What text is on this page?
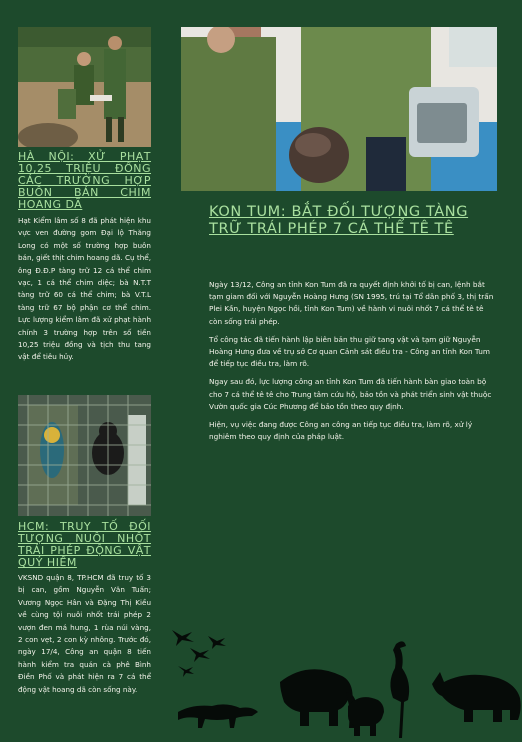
HÀ NỘI: XỬ PHẠT 10,25 TRIỆU ĐỒNG CÁC TRƯỜNG HỢP BUÔN BÁN CHIM HOANG DÃ

Hạt Kiểm lâm số 8 đã phát hiện khu vực ven đường gom Đại lộ Thăng Long có một số trường hợp buôn bán, giết thịt chim hoang dã. Cụ thể, ông Đ.Đ.P tàng trữ 12 cá thể chim vạc, 1 cá thể chim diệc; bà N.T.T tàng trữ 60 cá thể chim; bà V.T.L tàng trữ 67 bộ phận cơ thể chim. Lực lượng kiểm lâm đã xử phạt hành chính 3 trường hợp trên số tiền 10,25 triệu đồng và tịch thu tang vật để tiêu hủy.

HCM: TRUY TỐ ĐỐI TƯỢNG NUÔI NHỐT TRÁI PHÉP ĐỘNG VẬT QUÝ HIẾM

VKSND quận 8, TP.HCM đã truy tố 3 bị can, gồm Nguyễn Văn Tuấn; Vương Ngọc Hân và Đặng Thị Kiều về cùng tội nuôi nhốt trái phép 2 vượn đen má hung, 1 rùa núi vàng, 2 con vẹt, 2 con kỳ nhông. Trước đó, ngày 17/4, Công an quận 8 tiến hành kiểm tra quán cà phê Bình Điền Phố và phát hiện ra 7 cá thể động vật hoang dã còn sống này.

KON TUM: BẮT ĐỐI TƯỢNG TÀNG TRỮ TRÁI PHÉP 7 CÁ THỂ TÊ TÊ

Ngày 13/12, Công an tỉnh Kon Tum đã ra quyết định khởi tố bị can, lệnh bắt tạm giam đối với Nguyễn Hoàng Hưng (SN 1995, trú tại Tổ dân phố 3, thị trấn Plei Kần, huyện Ngọc hồi, tỉnh Kon Tum) về hành vi nuôi nhốt 7 cá thể tê tê còn sống trái phép.

Tổ công tác đã tiến hành lập biên bản thu giữ tang vật và tạm giữ Nguyễn Hoàng Hưng đưa về trụ sở Cơ quan Cảnh sát điều tra - Công an tỉnh Kon Tum để tiếp tục điều tra, làm rõ.

Ngay sau đó, lực lượng công an tỉnh Kon Tum đã tiến hành bàn giao toàn bộ cho 7 cá thể tê tê cho Trung tâm cứu hộ, bảo tồn và phát triển sinh vật thuộc Vườn quốc gia Cúc Phương để bảo tồn theo quy định.

Hiện, vụ việc đang được Công an công an tiếp tục điều tra, làm rõ, xử lý nghiêm theo quy định của pháp luật.
